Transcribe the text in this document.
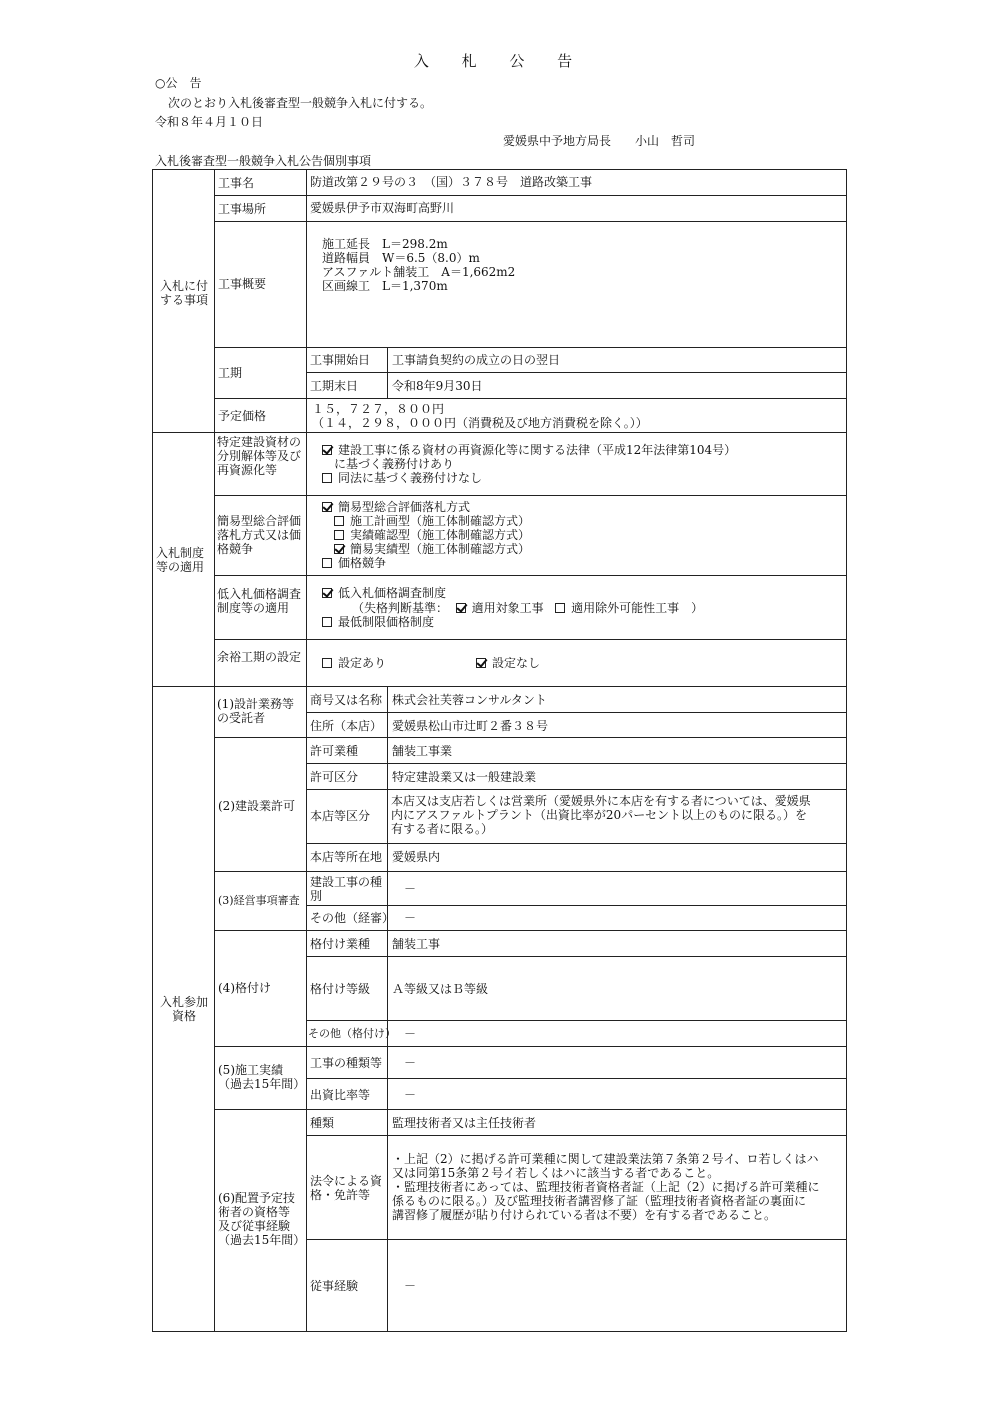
入 札 公 告
○公　告
次のとおり入札後審査型一般競争入札に付する。
令和８年４月１０日
愛媛県中予地方局長　　小山　哲司
入札後審査型一般競争入札公告個別事項
入札に付する事項
工事名	防道改第２９号の３　（国）３７８号　道路改築工事
工事場所	愛媛県伊予市双海町高野川
工事概要
施工延長　L＝298.2m
道路幅員　W＝6.5（8.0）m
アスファルト舗装工　A＝1,662m2
区画線工　L＝1,370m
工期
工事開始日 工事請負契約の成立の日の翌日
工期末日	令和8年9月30日
予定価格	１５，７２７，８００円
（１４，２９８，０００円（消費税及び地方消費税を除く。））
入札制度等の適用
特定建設資材の分別解体等及び再資源化等
建設工事に係る資材の再資源化等に関する法律（平成12年法律第104号）
に基づく義務付けあり
同法に基づく義務付けなし
簡易型総合評価落札方式又は価格競争
簡易型総合評価落札方式
施工計画型（施工体制確認方式）
実績確認型（施工体制確認方式）
簡易実績型（施工体制確認方式）
価格競争
低入札価格調査制度等の適用
低入札価格調査制度
（失格判断基準： 適用対象工事 適用除外可能性工事　）
最低制限価格制度
余裕工期の設定	設定あり	設定なし
入札参加資格
(1)設計業務等の受託者
商号又は名称 株式会社芙蓉コンサルタント
住所（本店） 愛媛県松山市辻町２番３８号
(2)建設業許可
許可業種	舗装工事業
許可区分	特定建設業又は一般建設業
本店等区分
本店又は支店若しくは営業所（愛媛県外に本店を有する者については、愛媛県
内にアスファルトプラント（出資比率が20パーセント以上のものに限る。）を
有する者に限る。）
本店等所在地 愛媛県内
(3)経営事項審査
建設工事の種
別	－
その他（経審） －
(4)格付け
格付け業種 舗装工事
格付け等級 Ａ等級又はＢ等級
その他（格付け） －
(5)施工実績
（過去15年間）
工事の種類等 －
出資比率等	－
(6)配置予定技
術者の資格等
及び従事経験
（過去15年間）
種類	監理技術者又は主任技術者
法令による資
格・免許等
・上記（2）に掲げる許可業種に関して建設業法第７条第２号イ、ロ若しくはハ
又は同第15条第２号イ若しくはハに該当する者であること。
・監理技術者にあっては、監理技術者資格者証（上記（2）に掲げる許可業種に
係るものに限る。）及び監理技術者講習修了証（監理技術者資格者証の裏面に
講習修了履歴が貼り付けられている者は不要）を有する者であること。
従事経験	－
